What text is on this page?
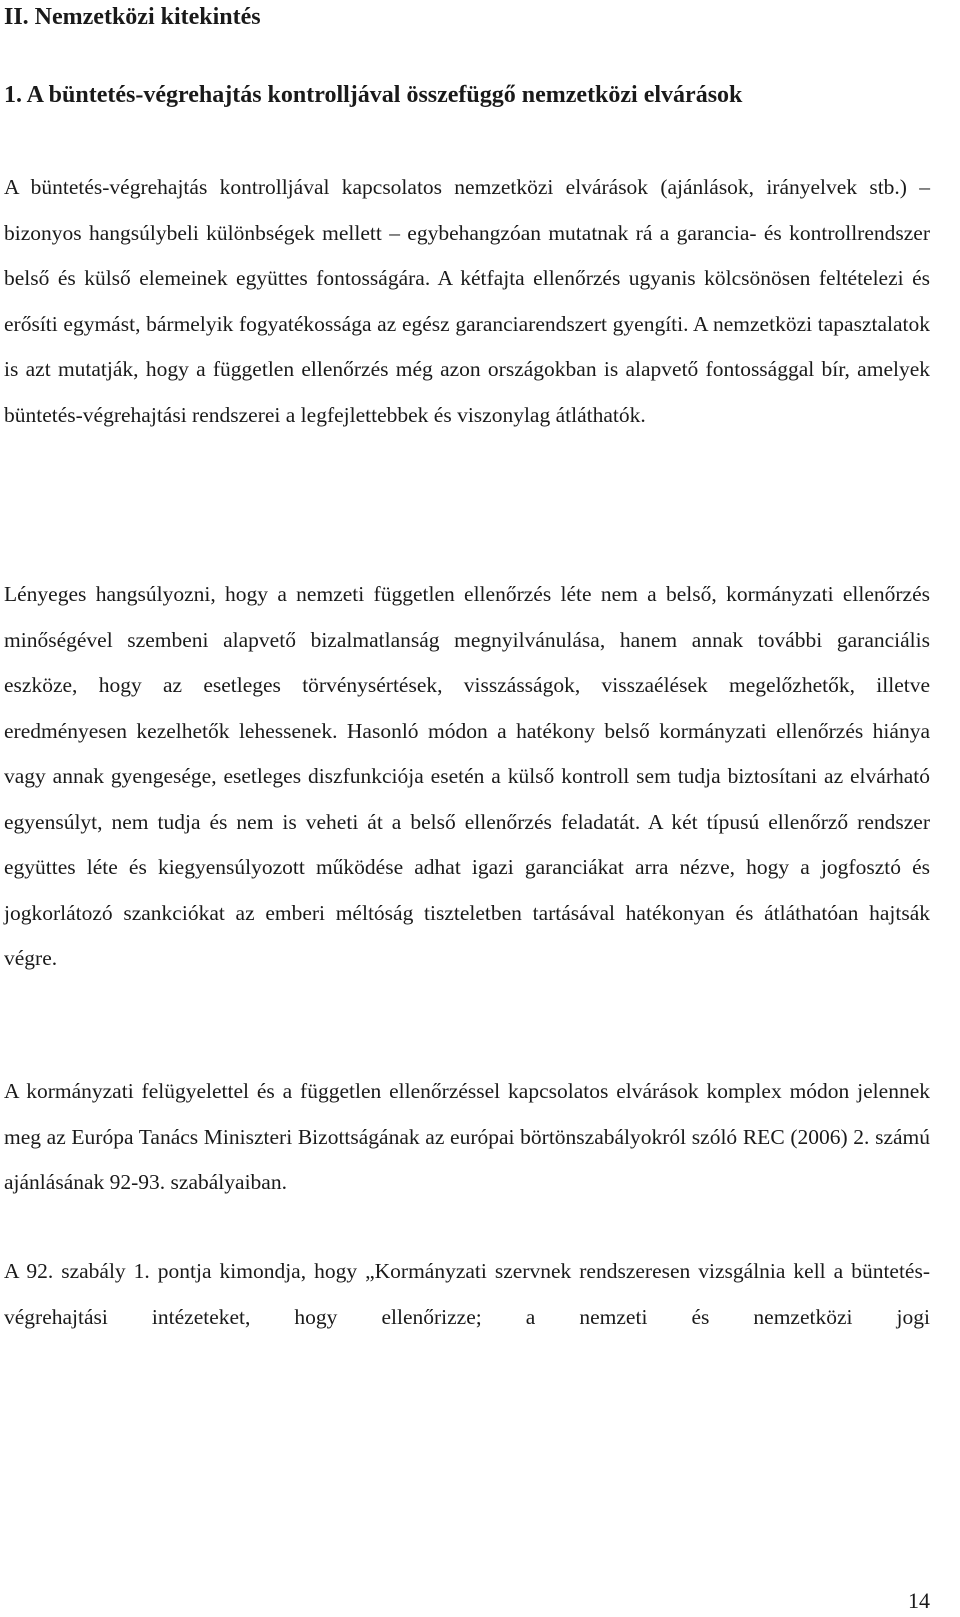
II. Nemzetközi kitekintés
1. A büntetés-végrehajtás kontrolljával összefüggő nemzetközi elvárások

A büntetés-végrehajtás kontrolljával kapcsolatos nemzetközi elvárások (ajánlások, irányelvek stb.) – bizonyos hangsúlybeli különbségek mellett – egybehangzóan mutatnak rá a garancia- és kontrollrendszer belső és külső elemeinek együttes fontosságára. A kétfajta ellenőrzés ugyanis kölcsönösen feltételezi és erősíti egymást, bármelyik fogyatékossága az egész garanciarendszert gyengíti. A nemzetközi tapasztalatok is azt mutatják, hogy a független ellenőrzés még azon országokban is alapvető fontossággal bír, amelyek büntetés-végrehajtási rendszerei a legfejlettebbek és viszonylag átláthatók.

Lényeges hangsúlyozni, hogy a nemzeti független ellenőrzés léte nem a belső, kormányzati ellenőrzés minőségével szembeni alapvető bizalmatlanság megnyilvánulása, hanem annak további garanciális eszköze, hogy az esetleges törvénysértések, visszásságok, visszaélések megelőzhetők, illetve eredményesen kezelhetők lehessenek. Hasonló módon a hatékony belső kormányzati ellenőrzés hiánya vagy annak gyengesége, esetleges diszfunkciója esetén a külső kontroll sem tudja biztosítani az elvárható egyensúlyt, nem tudja és nem is veheti át a belső ellenőrzés feladatát. A két típusú ellenőrző rendszer együttes léte és kiegyensúlyozott működése adhat igazi garanciákat arra nézve, hogy a jogfosztó és jogkorlátozó szankciókat az emberi méltóság tiszteletben tartásával hatékonyan és átláthatóan hajtsák végre.

A kormányzati felügyelettel és a független ellenőrzéssel kapcsolatos elvárások komplex módon jelennek meg az Európa Tanács Miniszteri Bizottságának az európai börtönszabályokról szóló REC (2006) 2. számú ajánlásának 92-93. szabályaiban.

A 92. szabály 1. pontja kimondja, hogy „Kormányzati szervnek rendszeresen vizsgálnia kell a büntetés-végrehajtási intézeteket, hogy ellenőrizze; a nemzeti és nemzetközi jogi

14
